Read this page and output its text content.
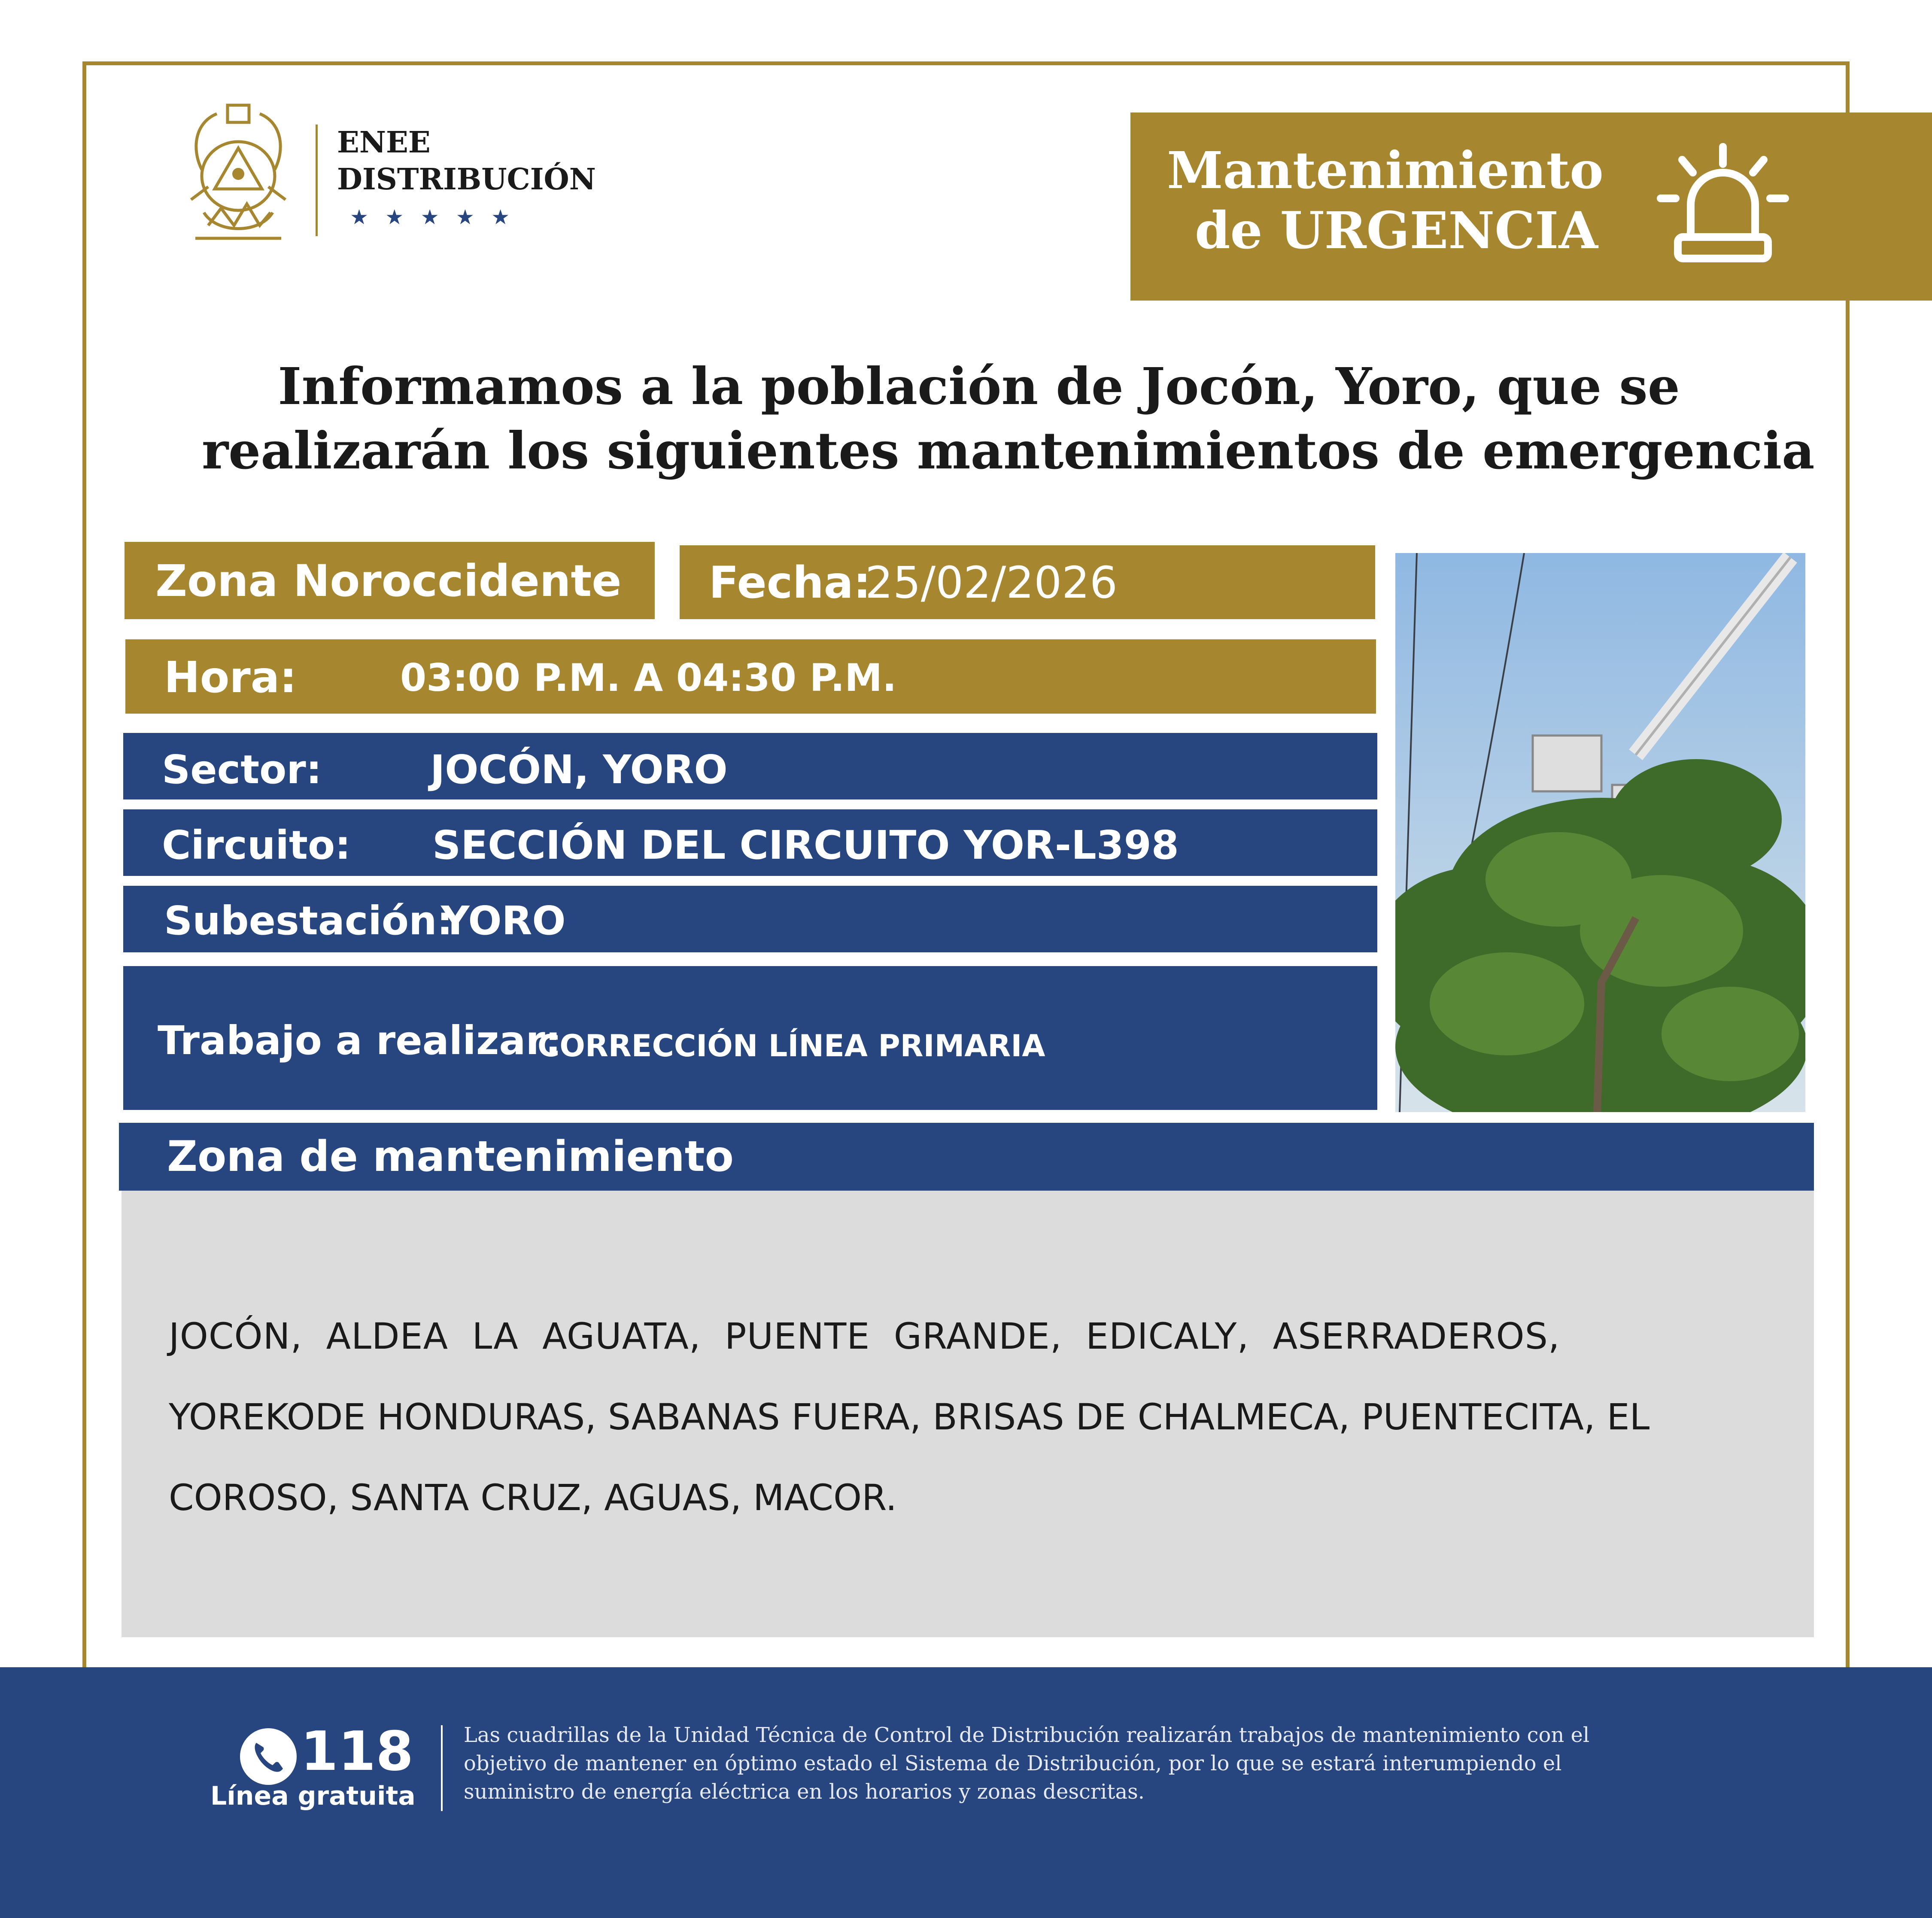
ENEE
DISTRIBUCIÓN
★ ★ ★ ★ ★
Mantenimiento
de URGENCIA
Informamos a la población de Jocón, Yoro, que se
realizarán los siguientes mantenimientos de emergencia
Zona Noroccidente Fecha:
25/02/2026
Hora:	03:00 P.M. A 04:30 P.M.
Sector:	JOCÓN, YORO
Circuito: SECCIÓN DEL CIRCUITO YOR-L398
Subestación:
YORO
Trabajo a realizar:
CORRECCIÓN LÍNEA PRIMARIA
Zona de mantenimiento
JOCÓN,  ALDEA  LA  AGUATA,  PUENTE  GRANDE,  EDICALY,  ASERRADEROS,
YOREKODE HONDURAS, SABANAS FUERA, BRISAS DE CHALMECA, PUENTECITA, EL
COROSO, SANTA CRUZ, AGUAS, MACOR.
118
Línea gratuita
Las cuadrillas de la Unidad Técnica de Control de Distribución realizarán trabajos de mantenimiento con el
objetivo de mantener en óptimo estado el Sistema de Distribución, por lo que se estará interumpiendo el
suministro de energía eléctrica en los horarios y zonas descritas.
